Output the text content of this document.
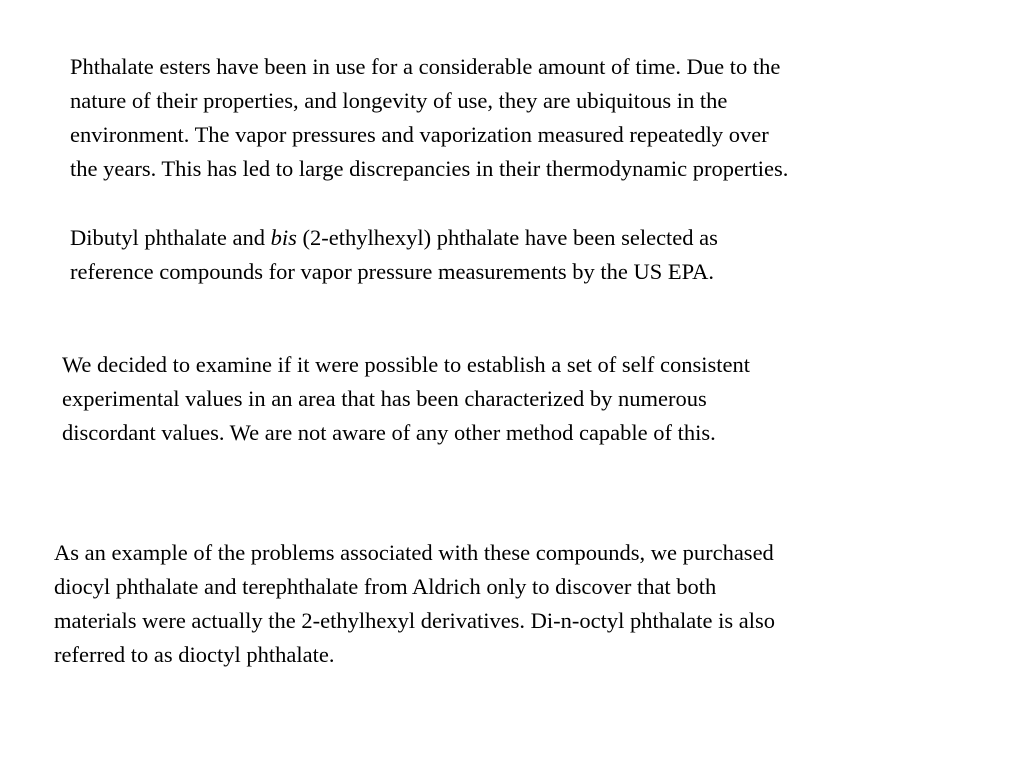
Phthalate esters have been in use for a considerable amount of time. Due to the
nature of their properties, and longevity of use, they are ubiquitous in the
environment. The vapor pressures and vaporization measured repeatedly over
the years. This has led to large discrepancies in their thermodynamic properties.
Dibutyl phthalate and bis (2-ethylhexyl) phthalate have been selected as
reference compounds for vapor pressure measurements by the US EPA.
We decided to examine if it were possible to establish a set of self consistent
experimental values in an area that has been characterized by numerous
discordant values. We are not aware of any other method capable of this.
As an example of the problems associated with these compounds, we purchased
diocyl phthalate and terephthalate from Aldrich only to discover that both
materials were actually the 2-ethylhexyl derivatives. Di-n-octyl phthalate is also
referred to as dioctyl phthalate.
